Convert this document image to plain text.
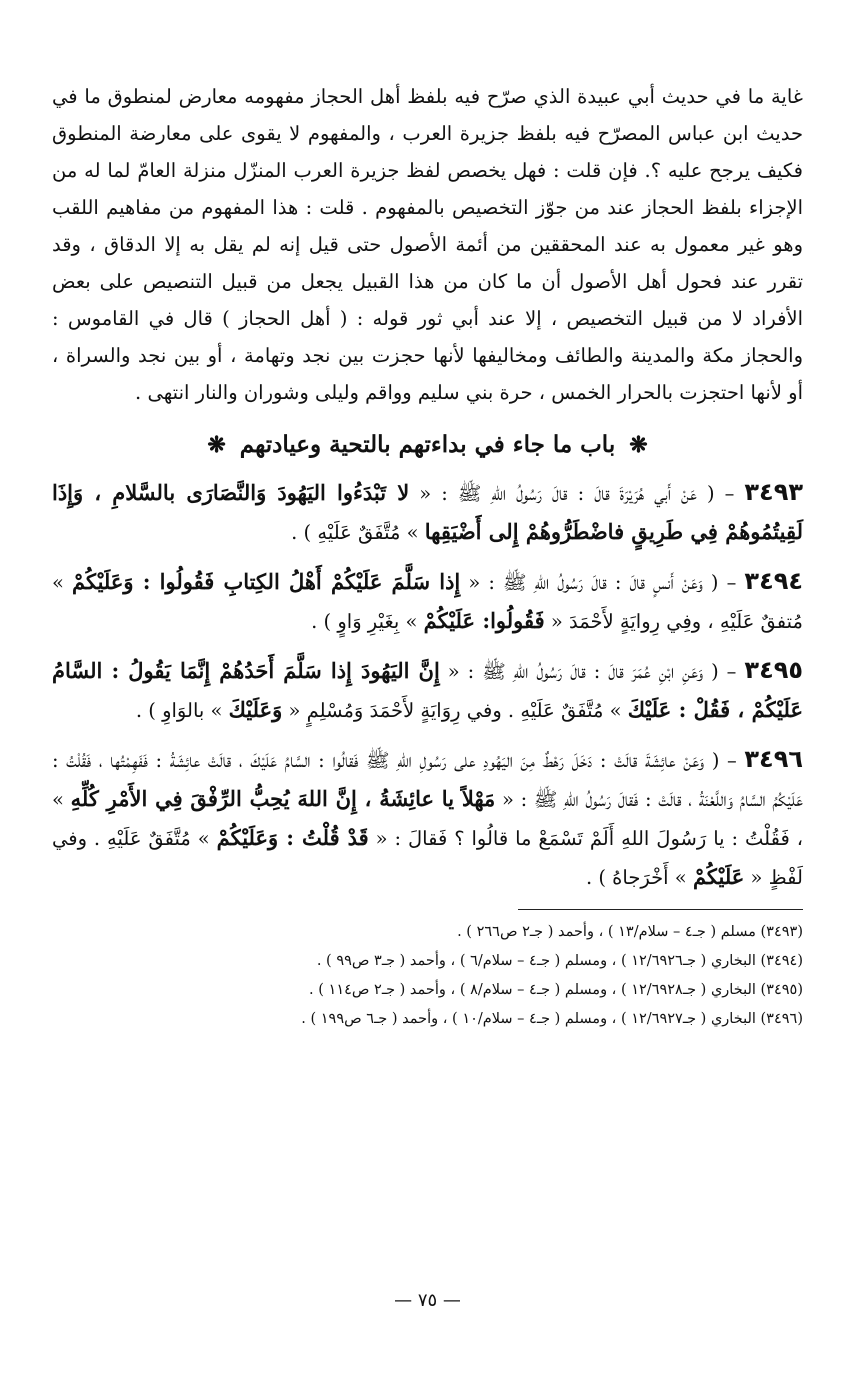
غاية ما في حديث أبي عبيدة الذي صرّح فيه بلفظ أهل الحجاز مفهومه معارض لمنطوق ما في حديث ابن عباس المصرّح فيه بلفظ جزيرة العرب ، والمفهوم لا يقوى على معارضة المنطوق فكيف يرجح عليه ؟. فإن قلت : فهل يخصص لفظ جزيرة العرب المنزّل منزلة العامّ لما له من الإجزاء بلفظ الحجاز عند من جوّز التخصيص بالمفهوم . قلت : هذا المفهوم من مفاهيم اللقب وهو غير معمول به عند المحققين من أئمة الأصول حتى قيل إنه لم يقل به إلا الدقاق ، وقد تقرر عند فحول أهل الأصول أن ما كان من هذا القبيل يجعل من قبيل التنصيص على بعض الأفراد لا من قبيل التخصيص ، إلا عند أبي ثور قوله : ( أهل الحجاز ) قال في القاموس : والحجاز مكة والمدينة والطائف ومخاليفها لأنها حجزت بين نجد وتهامة ، أو بين نجد والسراة ، أو لأنها احتجزت بالحرار الخمس ، حرة بني سليم وواقم وليلى وشوران والنار انتهى .

❋ باب ما جاء في بداءتهم بالتحية وعيادتهم ❋

٣٤٩٣ – ( عَنْ أَبي هُرَيْرَةَ قالَ : قالَ رَسُولُ اللهِ ﷺ : « لا تَبْدَءُوا اليَهُودَ وَالنَّصَارَى بالسَّلامِ ، وَإِذَا لَقِيتُمُوهُمْ فِي طَرِيقٍ فاضْطَرُّوهُمْ إِلى أَضْيَقِها » مُتَّفَقٌ عَلَيْهِ ) .

٣٤٩٤ – ( وَعَنْ أَنسٍ قالَ : قالَ رَسُولُ اللهِ ﷺ : « إِذا سَلَّمَ عَلَيْكُمْ أَهْلُ الكِتابِ فَقُولُوا : وَعَلَيْكُمْ » مُتفقٌ عَلَيْهِ ، وفِي رِوايَةٍ لأَحْمَدَ « فَقُولُوا: عَلَيْكُمْ » بِغَيْرِ وَاوٍ ) .

٣٤٩٥ – ( وَعَنِ ابْنِ عُمَرَ قالَ : قالَ رَسُولُ اللهِ ﷺ : « إِنَّ اليَهُودَ إِذا سَلَّمَ أَحَدُهُمْ إِنَّمَا يَقُولُ : السَّامُ عَلَيْكُمْ ، فَقُلْ : عَلَيْكَ » مُتَّفَقٌ عَلَيْهِ . وفي رِوَايَةٍ لأَحْمَدَ وَمُسْلِمٍ « وَعَلَيْكَ » بالوَاوِ ) .

٣٤٩٦ – ( وَعَنْ عائِشَةَ قالَتْ : دَخَلَ رَهْطٌ مِنَ اليَهُودِ على رَسُولِ اللهِ ﷺ فَقالُوا : السَّامُ عَلَيْكَ ، قالَتْ عائِشَةُ : فَفَهِمْتُها ، فَقُلْتُ : عَلَيْكُمُ السَّامُ وَاللَّعْنَةُ ، قالَتْ : فَقالَ رَسُولُ اللهِ ﷺ : « مَهْلاً يا عائِشَةُ ، إِنَّ اللهَ يُحِبُّ الرِّفْقَ فِي الأَمْرِ كُلِّهِ » ، فَقُلْتُ : يا رَسُولَ اللهِ أَلَمْ تَسْمَعْ ما قالُوا ؟ فَقالَ : « قَدْ قُلْتُ : وَعَلَيْكُمْ » مُتَّفَقٌ عَلَيْهِ . وفي لَفْظٍ « عَلَيْكُمْ » أَخْرَجاهُ ) .

(٣٤٩٣) مسلم ( جـ٤ – سلام/١٣ ) ، وأحمد ( جـ٢ ص٢٦٦ ) .
(٣٤٩٤) البخاري ( جـ١٢/٦٩٢٦ ) ، ومسلم ( جـ٤ – سلام/٦ ) ، وأحمد ( جـ٣ ص٩٩ ) .
(٣٤٩٥) البخاري ( جـ١٢/٦٩٢٨ ) ، ومسلم ( جـ٤ – سلام/٨ ) ، وأحمد ( جـ٢ ص١١٤ ) .
(٣٤٩٦) البخاري ( جـ١٢/٦٩٢٧ ) ، ومسلم ( جـ٤ – سلام/١٠ ) ، وأحمد ( جـ٦ ص١٩٩ ) .
— ٧٥ —
